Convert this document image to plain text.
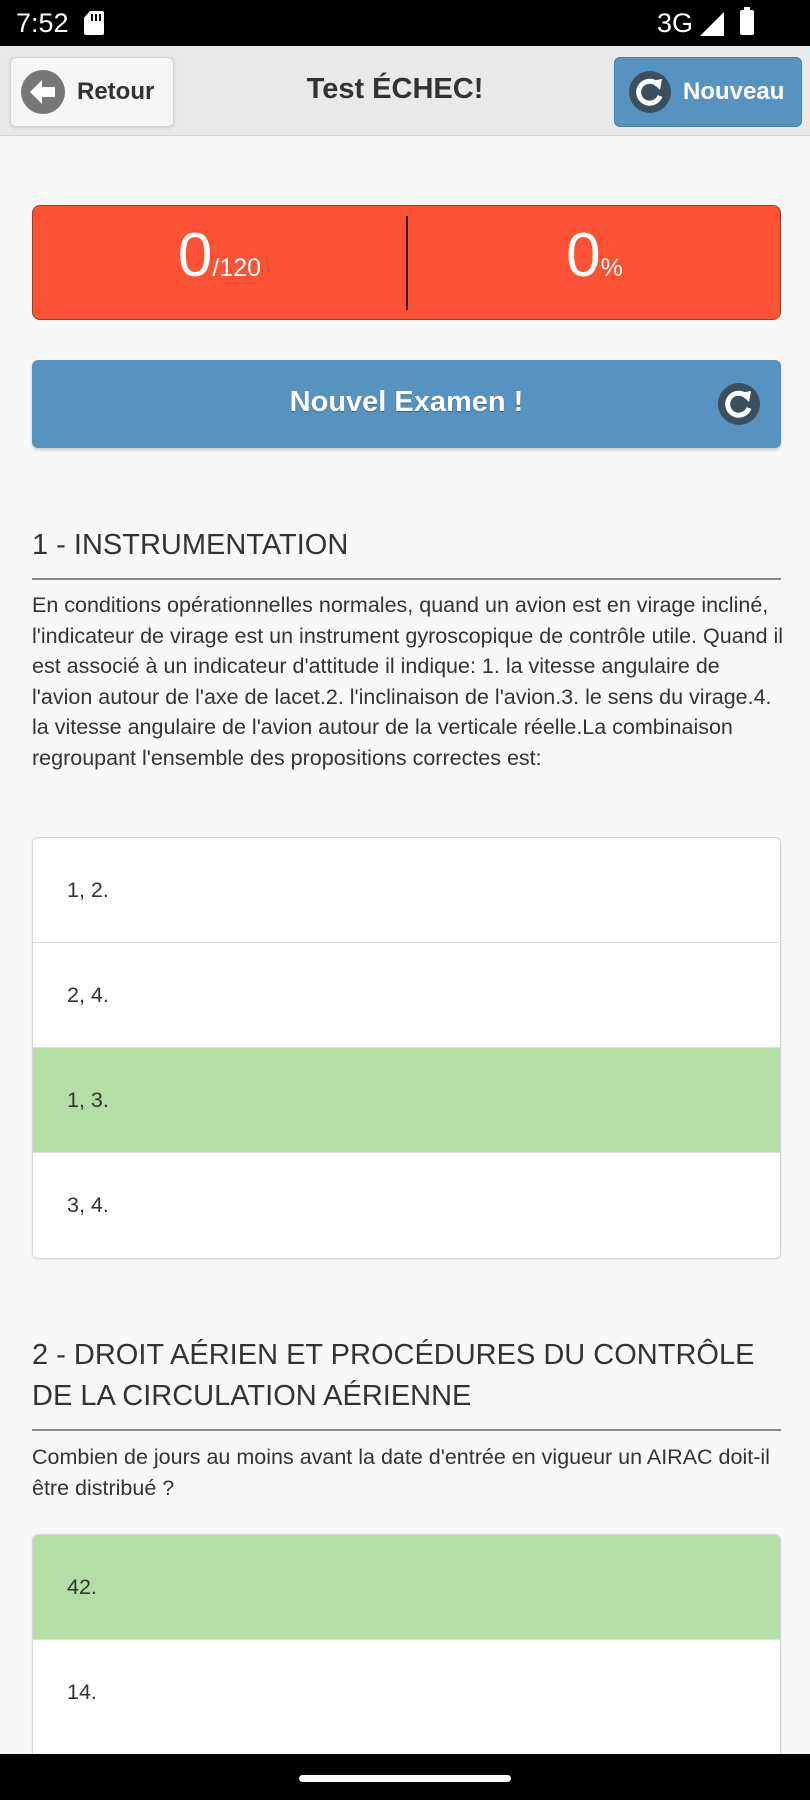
7:52	3G
Retour	Test ÉCHEC!	Nouveau
0/120	0%
Nouvel Examen !
1 - INSTRUMENTATION
En conditions opérationnelles normales, quand un avion est en virage incliné, l'indicateur de virage est un instrument gyroscopique de contrôle utile. Quand il est associé à un indicateur d'attitude il indique: 1. la vitesse angulaire de l'avion autour de l'axe de lacet.2. l'inclinaison de l'avion.3. le sens du virage.4. la vitesse angulaire de l'avion autour de la verticale réelle.La combinaison regroupant l'ensemble des propositions correctes est:
1, 2.
2, 4.
1, 3.
3, 4.
2 - DROIT AÉRIEN ET PROCÉDURES DU CONTRÔLE DE LA CIRCULATION AÉRIENNE
Combien de jours au moins avant la date d'entrée en vigueur un AIRAC doit-il être distribué ?
42.
14.
